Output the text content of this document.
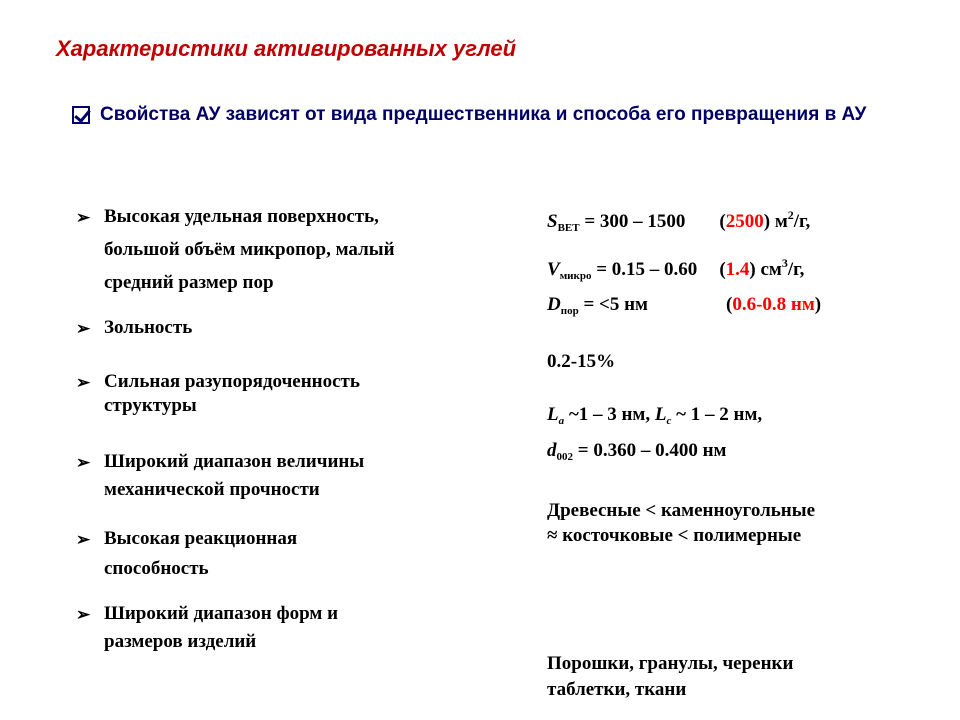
Характеристики активированных углей
Свойства АУ зависят от вида предшественника и способа его превращения в АУ
➢ Высокая удельная поверхность,
большой объём микропор, малый
средний размер пор
➢ Зольность
➢ Сильная разупорядоченность
структуры
➢ Широкий диапазон величины
механической прочности
➢ Высокая реакционная
способность
➢ Широкий диапазон форм и
размеров изделий
$S_{BET} = 300 - 1500$ (2500) $м^2/г$,
$V_{микро} = 0.15 - 0.60$ (1.4) $см^3/г$,
$D_{пор} = <5$ нм	(0.6-0.8 нм)
0.2-15%
$L_a$ ~1 – 3 нм, $L_c$ ~ 1 – 2 нм,
$d_{002} = 0.360 - 0.400$ нм
Древесные < каменноугольные
≈ косточковые < полимерные
Порошки, гранулы, черенки
таблетки, ткани
